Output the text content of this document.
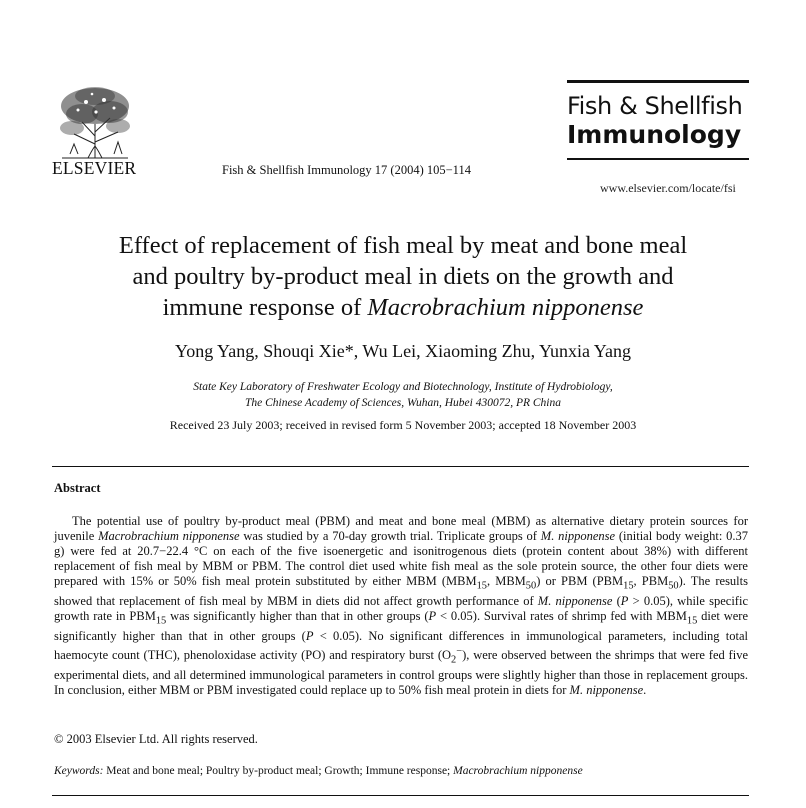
ELSEVIER	Fish & Shellfish Immunology 17 (2004) 105−114
Fish & Shellfish
Immunology
www.elsevier.com/locate/fsi
Effect of replacement of fish meal by meat and bone meal
and poultry by-product meal in diets on the growth and
immune response of Macrobrachium nipponense
Yong Yang, Shouqi Xie*, Wu Lei, Xiaoming Zhu, Yunxia Yang
State Key Laboratory of Freshwater Ecology and Biotechnology, Institute of Hydrobiology,
The Chinese Academy of Sciences, Wuhan, Hubei 430072, PR China
Received 23 July 2003; received in revised form 5 November 2003; accepted 18 November 2003
Abstract

The potential use of poultry by-product meal (PBM) and meat and bone meal (MBM) as alternative dietary protein sources for juvenile Macrobrachium nipponense was studied by a 70-day growth trial. Triplicate groups of M. nipponense (initial body weight: 0.37 g) were fed at 20.7−22.4 °C on each of the five isoenergetic and isonitrogenous diets (protein content about 38%) with different replacement of fish meal by MBM or PBM. The control diet used white fish meal as the sole protein source, the other four diets were prepared with 15% or 50% fish meal protein substituted by either MBM ($MBM_{15}$, $MBM_{50}$) or PBM ($PBM_{15}$, $PBM_{50}$). The results showed that replacement of fish meal by MBM in diets did not affect growth performance of M. nipponense (P > 0.05), while specific growth rate in $PBM_{15}$ was significantly higher than that in other groups (P < 0.05). Survival rates of shrimp fed with $MBM_{15}$ diet were significantly higher than that in other groups (P < 0.05). No significant differences in immunological parameters, including total haemocyte count (THC), phenoloxidase activity (PO) and respiratory burst $(O_2^-)$, were observed between the shrimps that were fed five experimental diets, and all determined immunological parameters in control groups were slightly higher than those in replacement groups. In conclusion, either MBM or PBM investigated could replace up to 50% fish meal protein in diets for M. nipponense.

© 2003 Elsevier Ltd. All rights reserved.
Keywords: Meat and bone meal; Poultry by-product meal; Growth; Immune response; Macrobrachium nipponense
